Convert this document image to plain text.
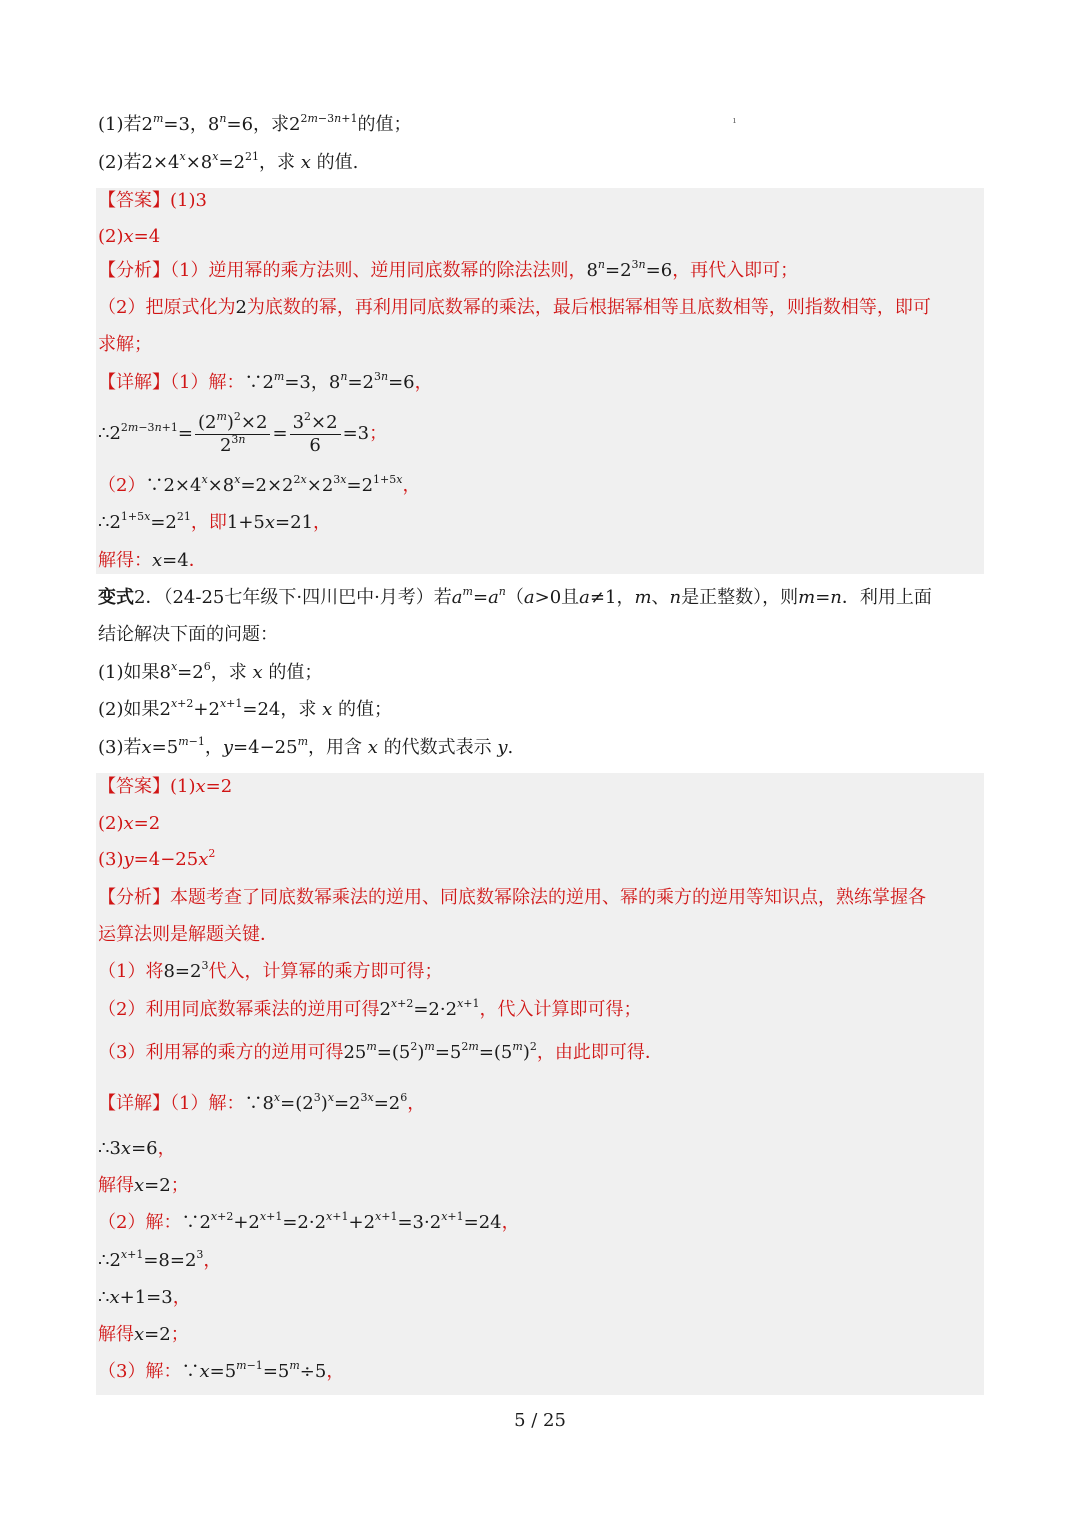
ı
(1)若$2^m=3$，$8^n=6$，求$2^{2m-3n+1}$的值；
(2)若$2\times 4^x\times 8^x=2^{21}$，求 x 的值.
【答案】(1)3
(2)x=4
【分析】（1）逆用幂的乘方法则、逆用同底数幂的除法法则，$8^n=2^{3n}=6$，再代入即可；
（2）把原式化为2为底数的幂，再利用同底数幂的乘法，最后根据幂相等且底数相等，则指数相等，即可
求解；
【详解】（1）解：$\because 2^m=3$，$8^n=2^{3n}=6$，
$\therefore 2^{2m-3n+1}= \frac{(2^m)^2\times 2}{2^{3n}} = \frac{3^2\times 2}{6} =3$；
$(2)\because 2\times 4^x\times 8^x=2\times 2^{2x}\times 2^{3x}=2^{1+5x}$，
$\therefore 2^{1+5x}=2^{21}$，即1+5x=21，
解得：x=4．
变式2．（24-25七年级下·四川巴中·月考）若$a^m=a^n(a>0$且a≠1，m、n是正整数），则m=n．利用上面
结论解决下面的问题：
(1)如果$8^x=2^6$，求 x 的值；
(2)如果$2^{x+2}+2^{x+1}=24$，求 x 的值；
(3)若$x=5^{m-1}$，$y=4-25^m$，用含 x 的代数式表示 y.
【答案】(1)x=2
(2)x=2
$(3)y=4-25x^2$
【分析】本题考查了同底数幂乘法的逆用、同底数幂除法的逆用、幂的乘方的逆用等知识点，熟练掌握各
运算法则是解题关键．
（1）将$8=2^3$代入，计算幂的乘方即可得；
（2）利用同底数幂乘法的逆用可得$2^{x+2}=2\cdot 2^{x+1}$，代入计算即可得；
（3）利用幂的乘方的逆用可得$25^m=(5^2)^m=5^{2m}=(5^m)^2$，由此即可得．
【详解】（1）解：$\because 8^x=(2^3)^x=2^{3x}=2^6$，
∴3x=6，
解得x=2；
（2）解：$\because 2^{x+2}+2^{x+1}=2\cdot 2^{x+1}+2^{x+1}=3\cdot 2^{x+1}=24$，
$\therefore 2^{x+1}=8=2^3$，
∴x+1=3，
解得x=2；
（3）解：$\because x=5^{m-1}=5^m\div 5$，
5 / 25
